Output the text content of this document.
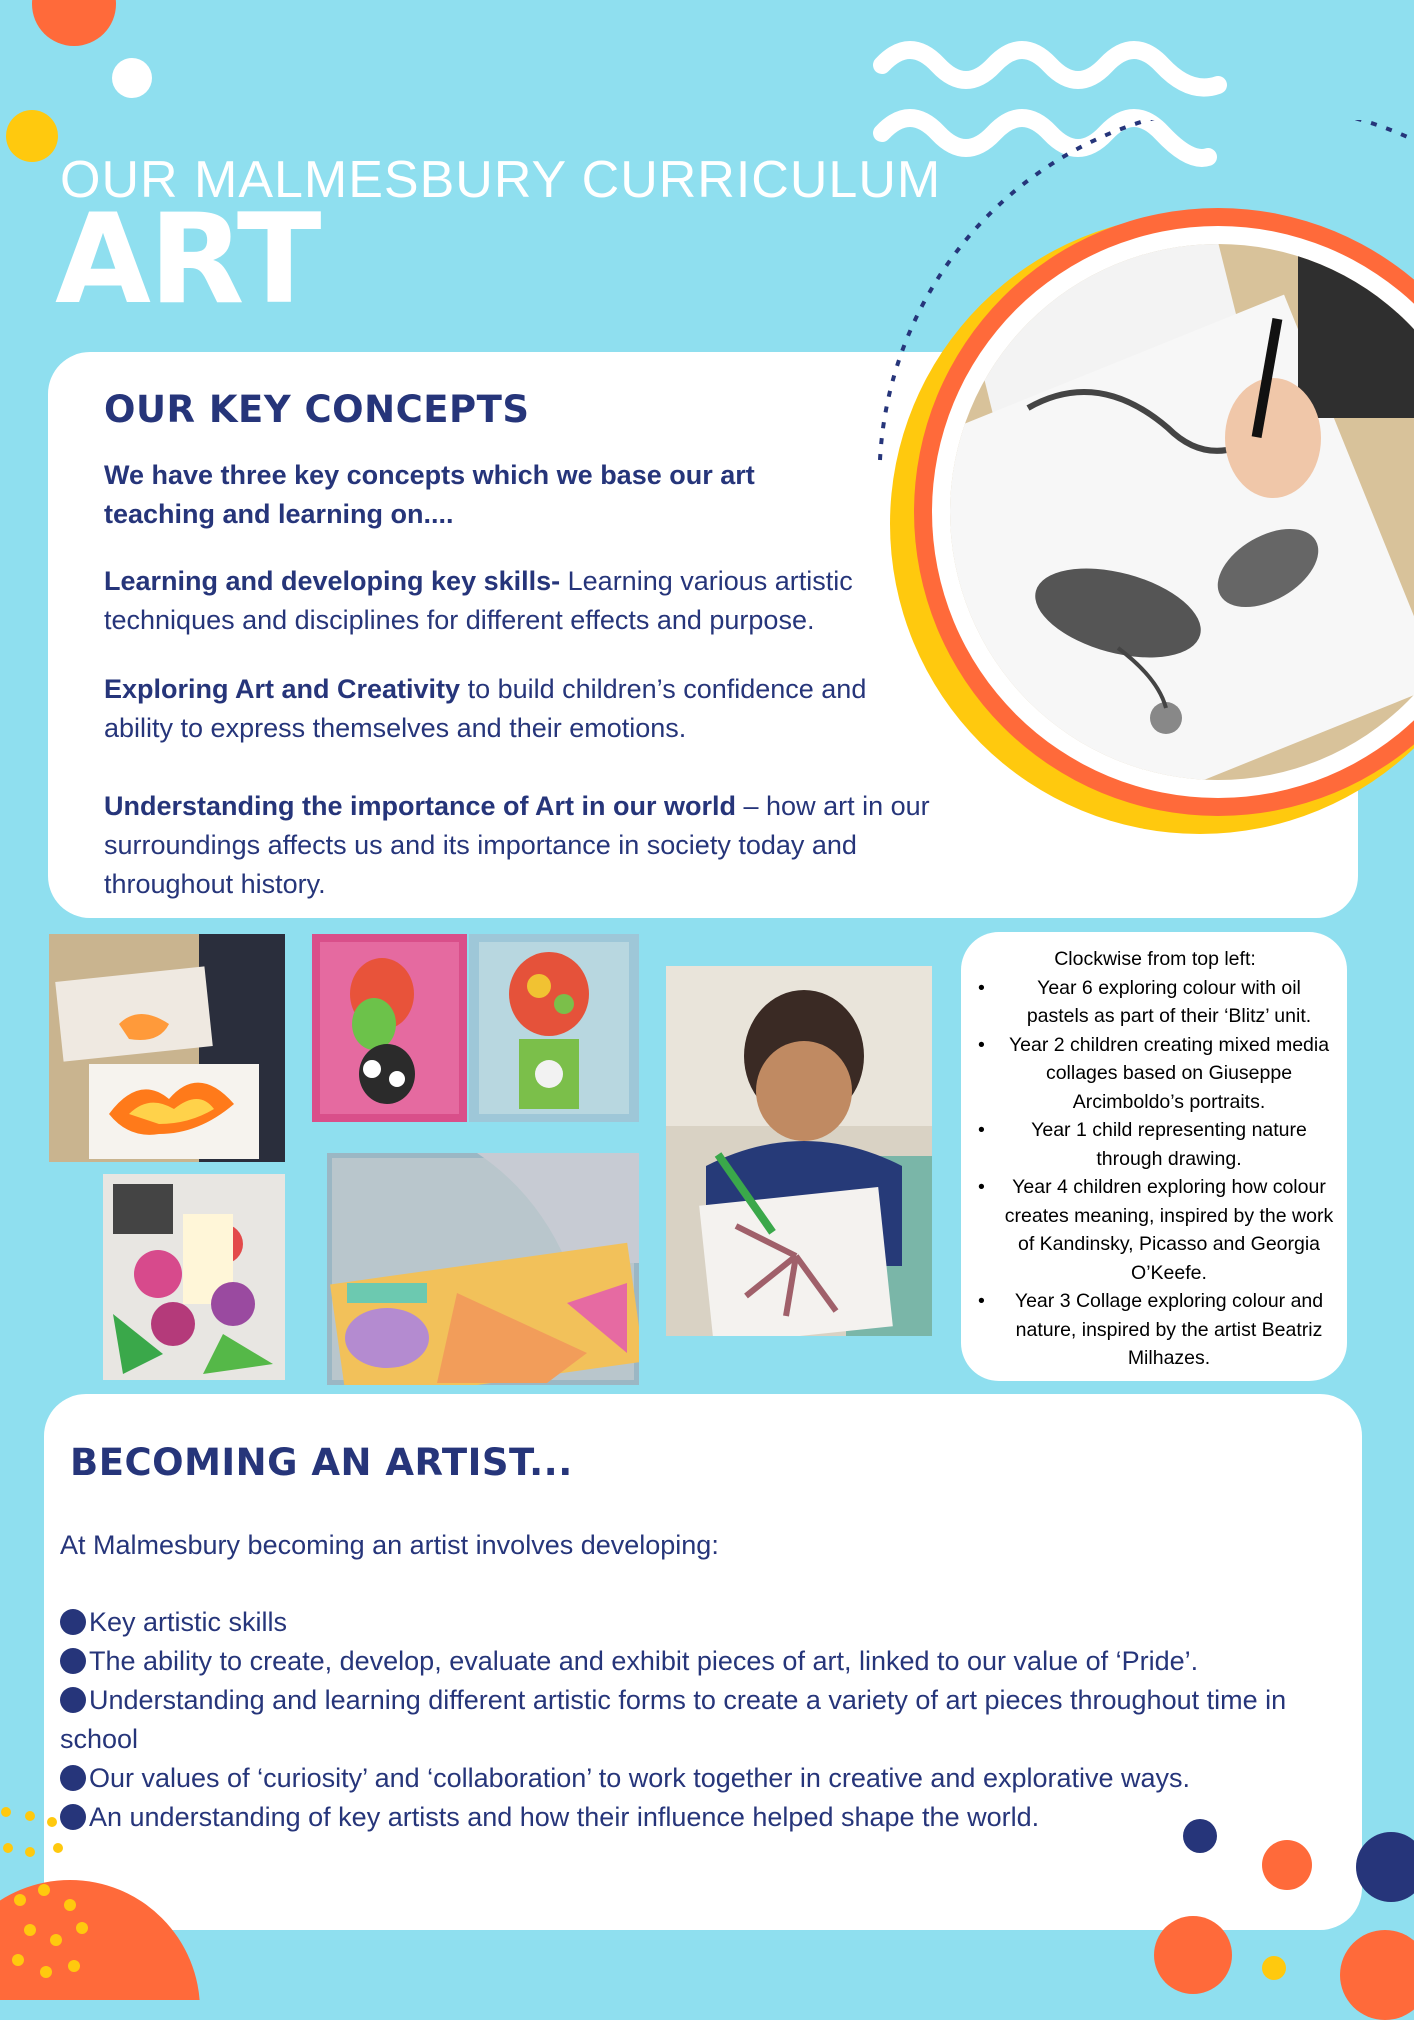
OUR MALMESBURY CURRICULUM
ART
OUR KEY CONCEPTS
We have three key concepts which we base our art teaching and learning on....
Learning and developing key skills- Learning various artistic techniques and disciplines for different effects and purpose.
Exploring Art and Creativity to build children’s confidence and ability to express themselves and their emotions.
Understanding the importance of Art in our world – how art in our surroundings affects us and its importance in society today and throughout history.
Clockwise from top left:
•	Year 6 exploring colour with oil pastels as part of their ‘Blitz’ unit.
• Year 2 children creating mixed media collages based on Giuseppe Arcimboldo’s portraits.
• Year 1 child representing nature through drawing.
• Year 4 children exploring how colour creates meaning, inspired by the work of Kandinsky, Picasso and Georgia O’Keefe.
• Year 3 Collage exploring colour and nature, inspired by the artist Beatriz Milhazes.
BECOMING AN ARTIST...
At Malmesbury becoming an artist involves developing:
Key artistic skills
The ability to create, develop, evaluate and exhibit pieces of art, linked to our value of ‘Pride’.
Understanding and learning different artistic forms to create a variety of art pieces throughout time in school
Our values of ‘curiosity’ and ‘collaboration’ to work together in creative and explorative ways.
An understanding of key artists and how their influence helped shape the world.
